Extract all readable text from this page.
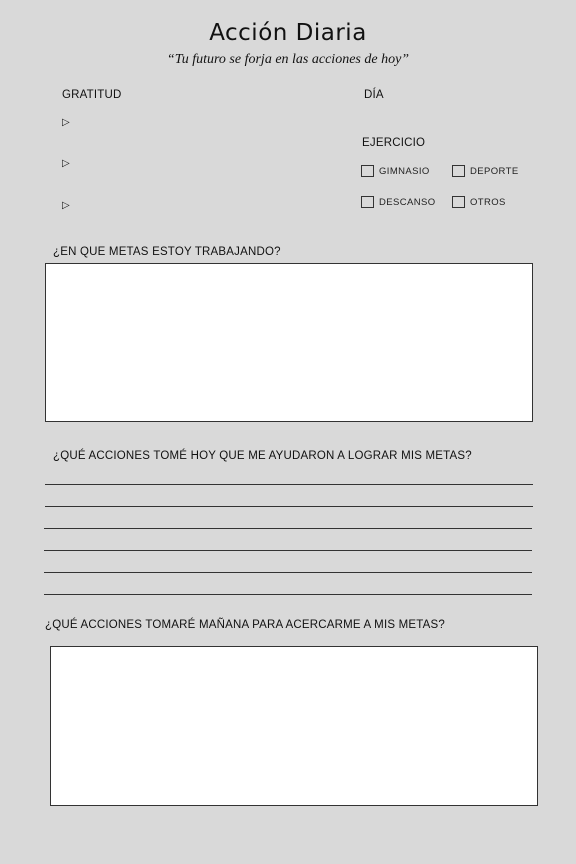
Acción Diaria
“Tu futuro se forja en las acciones de hoy”
GRATITUD
▷
▷
▷
DÍA
EJERCICIO
GIMNASIO	DEPORTE
DESCANSO	OTROS
¿EN QUE METAS ESTOY TRABAJANDO?
¿QUÉ ACCIONES TOMÉ HOY QUE ME AYUDARON A LOGRAR MIS METAS?
¿QUÉ ACCIONES TOMARÉ MAÑANA PARA ACERCARME A MIS METAS?
